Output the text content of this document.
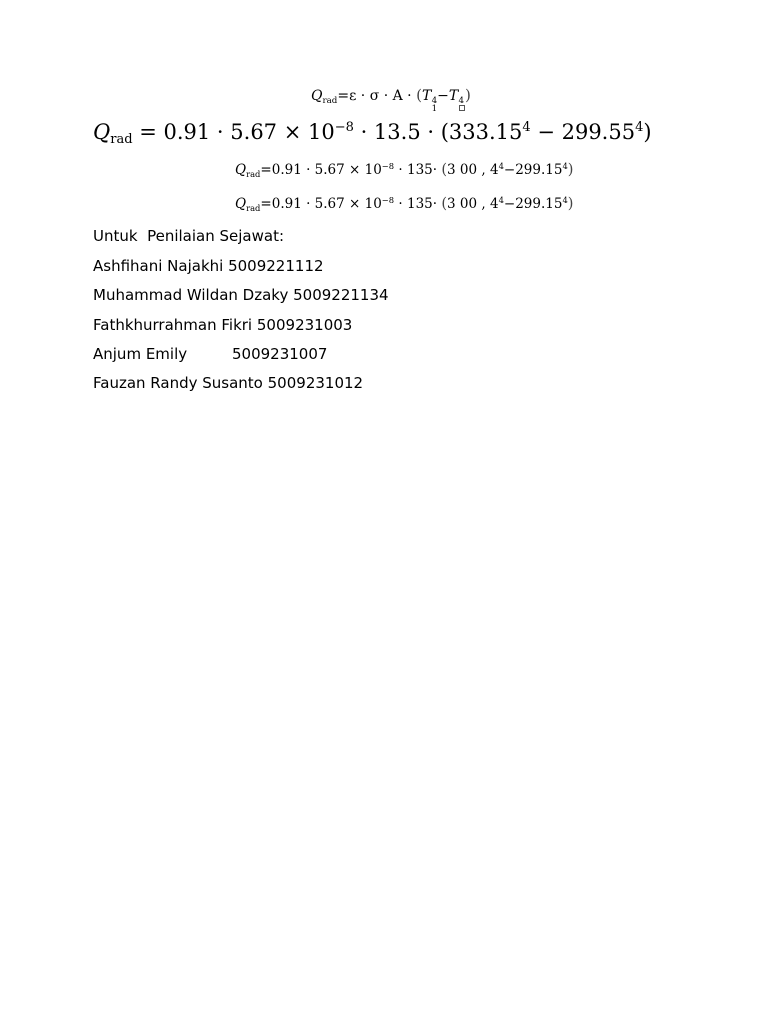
$Q_{rad}=\varepsilon \cdot \sigma \cdot A \cdot (T$ 4
1
−T 4 )
$Q_{rad} = 0.91 \cdot 5.67 \times 10^{-8} \cdot 13.5 \cdot (333.15^4 - 299.55^4)$
$Q_{rad}=0.91 \cdot 5.67 \times 10^{-8} \cdot 135\cdot (3$ 00 , $4^4-299.15^4$)
$Q_{rad}=0.91 \cdot 5.67 \times 10^{-8} \cdot 135\cdot (3$ 00 , $4^4-299.15^4$)
Untuk  Penilaian Sejawat:
Ashfihani Najakhi 5009221112
Muhammad Wildan Dzaky 5009221134
Fathkhurrahman Fikri 5009231003
Anjum Emily	5009231007
Fauzan Randy Susanto 5009231012
